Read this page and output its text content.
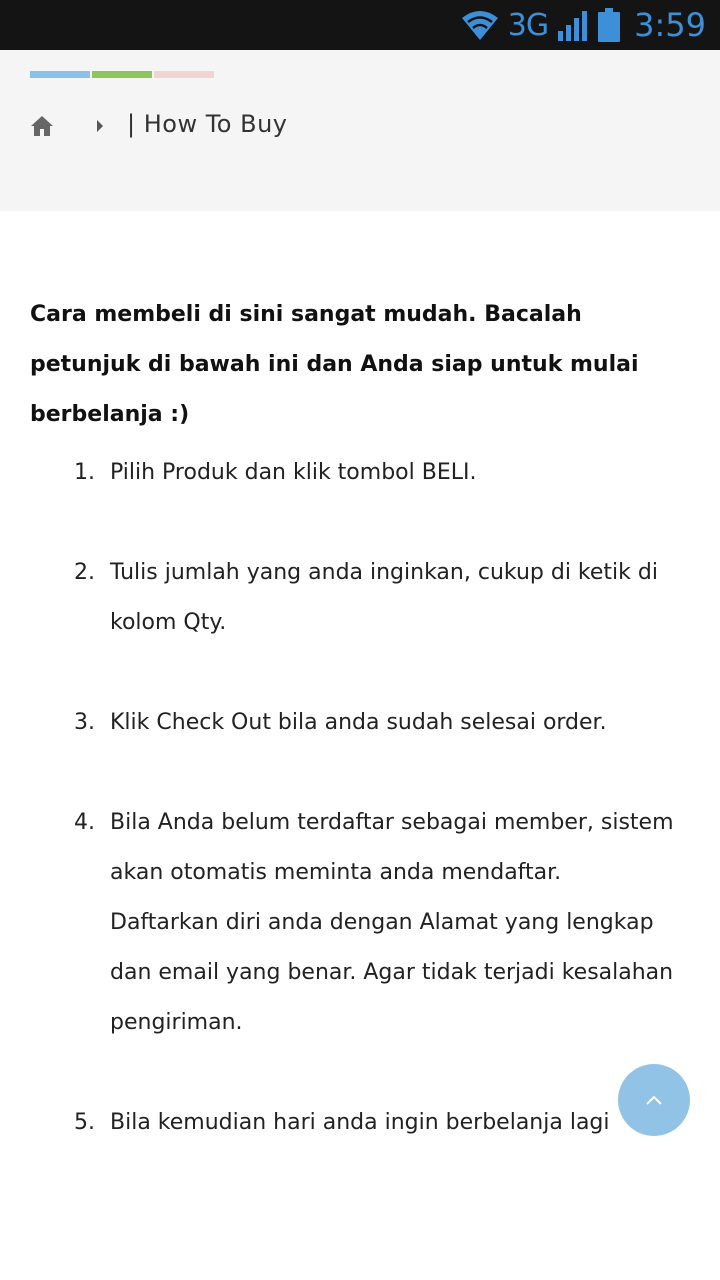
3G	3:59
| How To Buy

Cara membeli di sini sangat mudah. Bacalah petunjuk di bawah ini dan Anda siap untuk mulai berbelanja :)

1. Pilih Produk dan klik tombol BELI.
2. Tulis jumlah yang anda inginkan, cukup di ketik di kolom Qty.
3. Klik Check Out bila anda sudah selesai order.
4. Bila Anda belum terdaftar sebagai member, sistem akan otomatis meminta anda mendaftar.
Daftarkan diri anda dengan Alamat yang lengkap dan email yang benar. Agar tidak terjadi kesalahan pengiriman.
5. Bila kemudian hari anda ingin berbelanja lagi
